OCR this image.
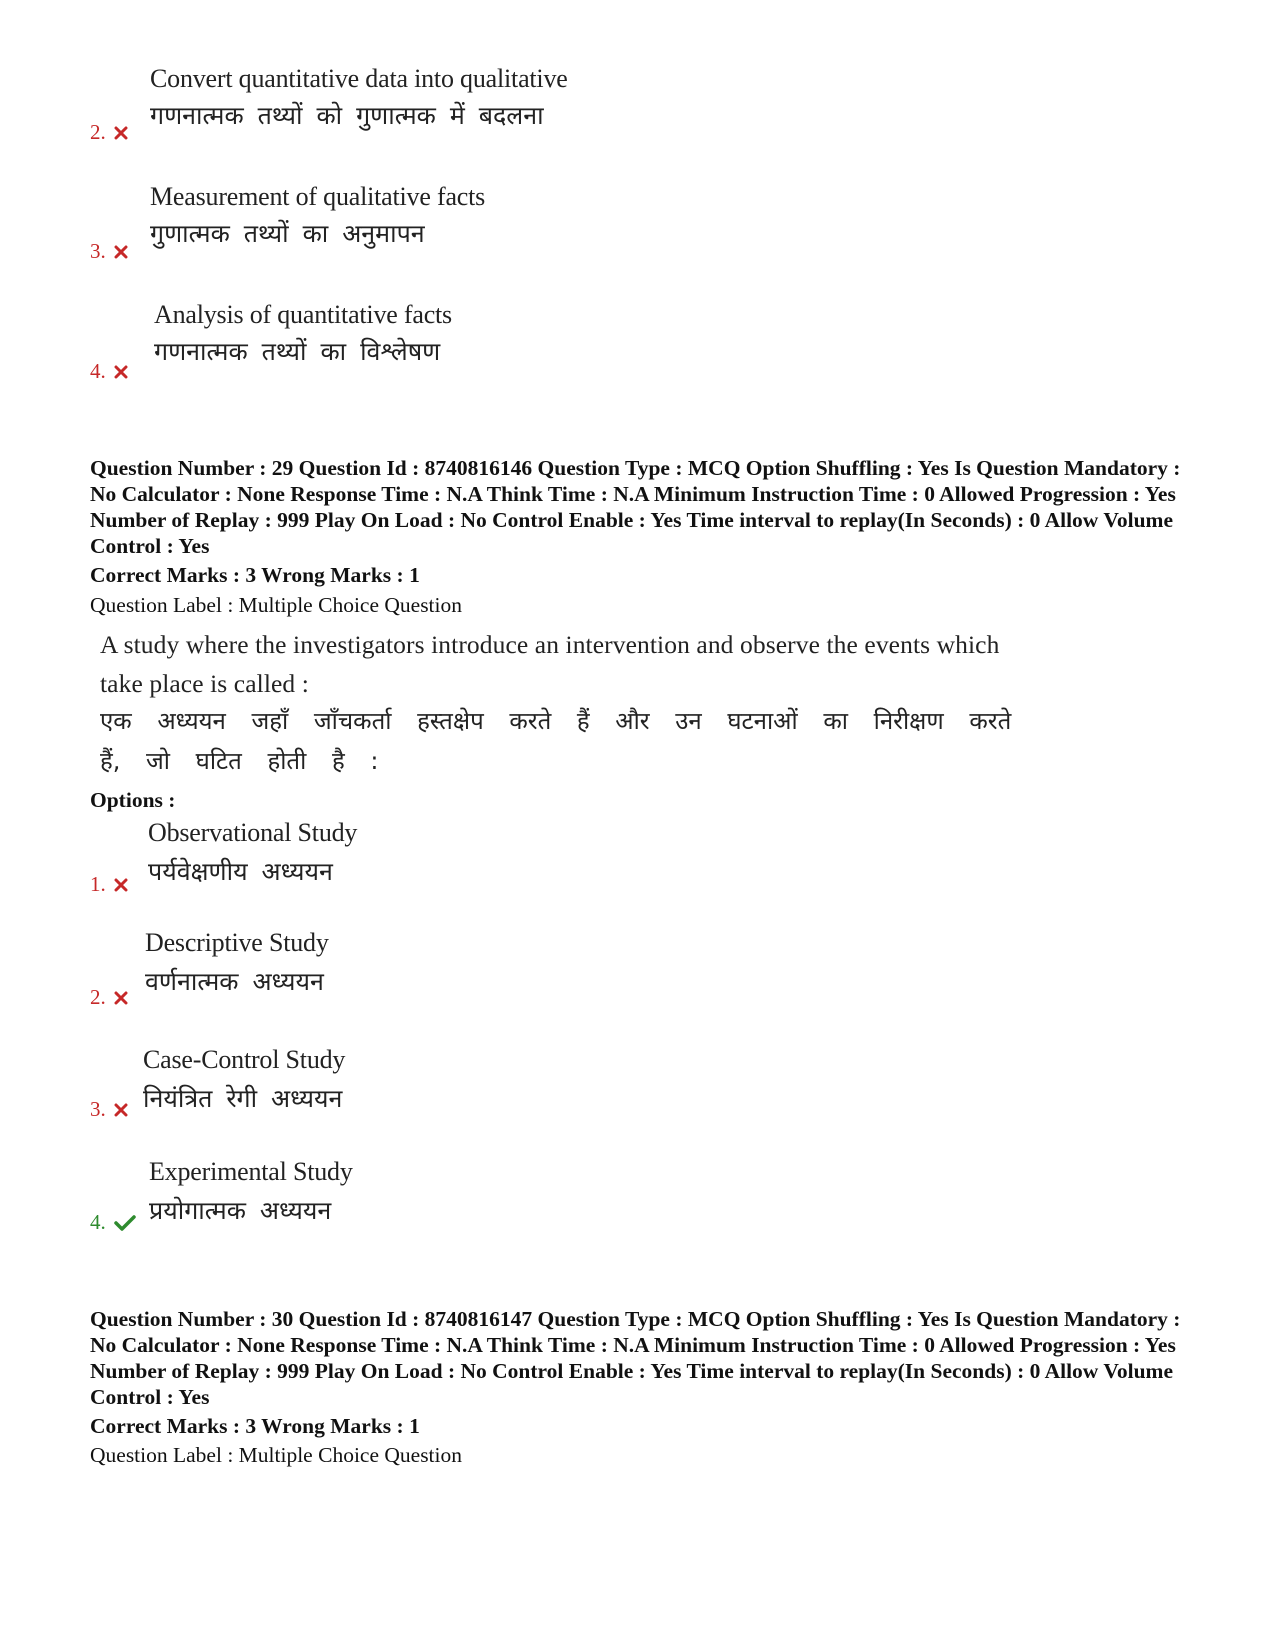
Convert quantitative data into qualitative
गणनात्मक तथ्यों को गुणात्मक में बदलना
2.
Measurement of qualitative facts
गुणात्मक तथ्यों का अनुमापन
3.
Analysis of quantitative facts
गणनात्मक तथ्यों का विश्लेषण
4.
Question Number : 29 Question Id : 8740816146 Question Type : MCQ Option Shuffling : Yes Is Question Mandatory : No Calculator : None Response Time : N.A Think Time : N.A Minimum Instruction Time : 0 Allowed Progression : Yes Number of Replay : 999 Play On Load : No Control Enable : Yes Time interval to replay(In Seconds) : 0 Allow Volume Control : Yes
Correct Marks : 3 Wrong Marks : 1
Question Label : Multiple Choice Question
A study where the investigators introduce an intervention and observe the events which
take place is called :
एक अध्ययन जहाँ जाँचकर्ता हस्तक्षेप करते हैं और उन घटनाओं का निरीक्षण करते
हैं, जो घटित होती है :
Options :
Observational Study
पर्यवेक्षणीय अध्ययन
1.
Descriptive Study
वर्णनात्मक अध्ययन
2.
Case-Control Study
नियंत्रित रेगी अध्ययन
3.
Experimental Study
प्रयोगात्मक अध्ययन
4.
Question Number : 30 Question Id : 8740816147 Question Type : MCQ Option Shuffling : Yes Is Question Mandatory : No Calculator : None Response Time : N.A Think Time : N.A Minimum Instruction Time : 0 Allowed Progression : Yes Number of Replay : 999 Play On Load : No Control Enable : Yes Time interval to replay(In Seconds) : 0 Allow Volume Control : Yes
Correct Marks : 3 Wrong Marks : 1
Question Label : Multiple Choice Question
